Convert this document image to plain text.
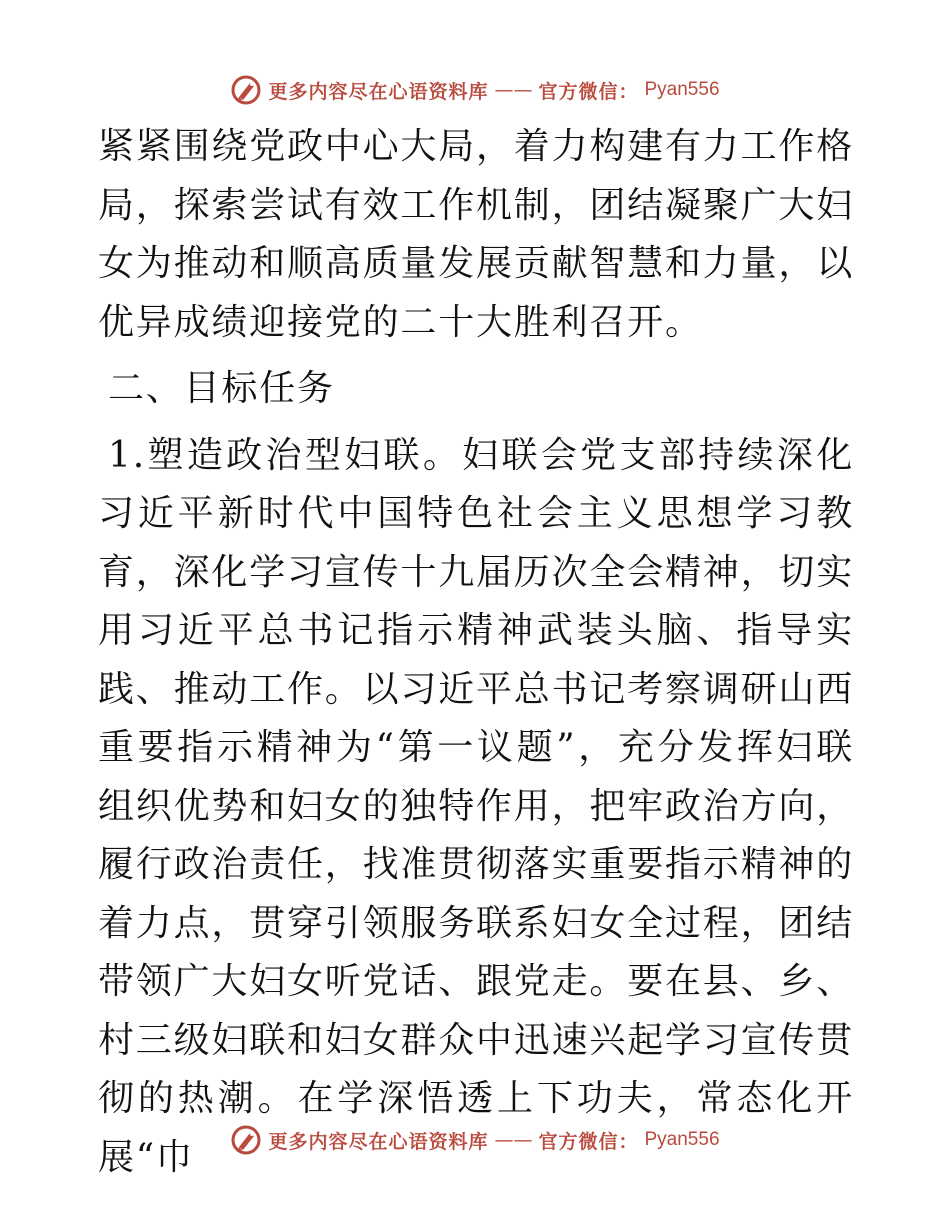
更多内容尽在心语资料库 —— 官方微信： Pyan556

紧紧围绕党政中心大局，着力构建有力工作格局，探索尝试有效工作机制，团结凝聚广大妇女为推动和顺高质量发展贡献智慧和力量，以优异成绩迎接党的二十大胜利召开。

二、目标任务

1.塑造政治型妇联。妇联会党支部持续深化习近平新时代中国特色社会主义思想学习教育，深化学习宣传十九届历次全会精神，切实用习近平总书记指示精神武装头脑、指导实践、推动工作。以习近平总书记考察调研山西重要指示精神为“第一议题”，充分发挥妇联组织优势和妇女的独特作用，把牢政治方向，履行政治责任，找准贯彻落实重要指示精神的着力点，贯穿引领服务联系妇女全过程，团结带领广大妇女听党话、跟党走。要在县、乡、村三级妇联和妇女群众中迅速兴起学习宣传贯彻的热潮。在学深悟透上下功夫，常态化开展“巾	更多内容尽在心语资料库 —— 官方微信： Pyan556
